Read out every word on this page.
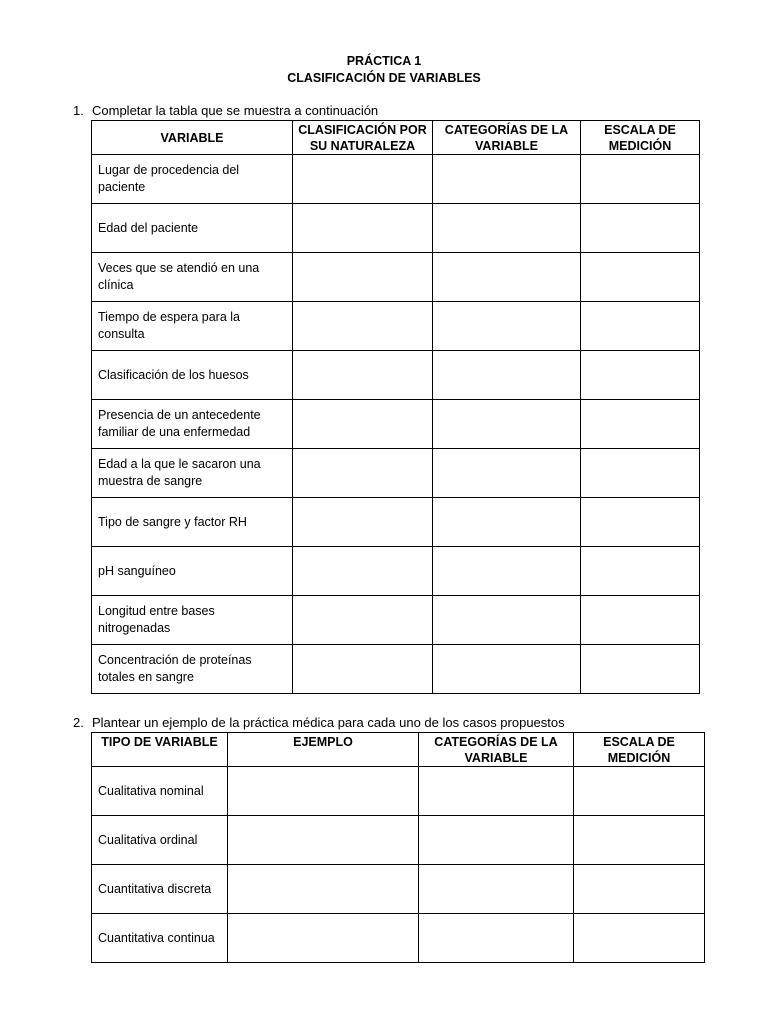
PRÁCTICA 1
CLASIFICACIÓN DE VARIABLES
1. Completar la tabla que se muestra a continuación
VARIABLE	CLASIFICACIÓN POR SU NATURALEZA	CATEGORÍAS DE LA VARIABLE	ESCALA DE MEDICIÓN
Lugar de procedencia del paciente			
Edad del paciente			
Veces que se atendió en una clínica			
Tiempo de espera para la consulta			
Clasificación de los huesos			
Presencia de un antecedente familiar de una enfermedad			
Edad a la que le sacaron una muestra de sangre			
Tipo de sangre y factor RH			
pH sanguíneo			
Longitud entre bases nitrogenadas			
Concentración de proteínas totales en sangre			
2. Plantear un ejemplo de la práctica médica para cada uno de los casos propuestos
TIPO DE VARIABLE	EJEMPLO	CATEGORÍAS DE LA VARIABLE	ESCALA DE MEDICIÓN
Cualitativa nominal			
Cualitativa ordinal			
Cuantitativa discreta			
Cuantitativa continua			
